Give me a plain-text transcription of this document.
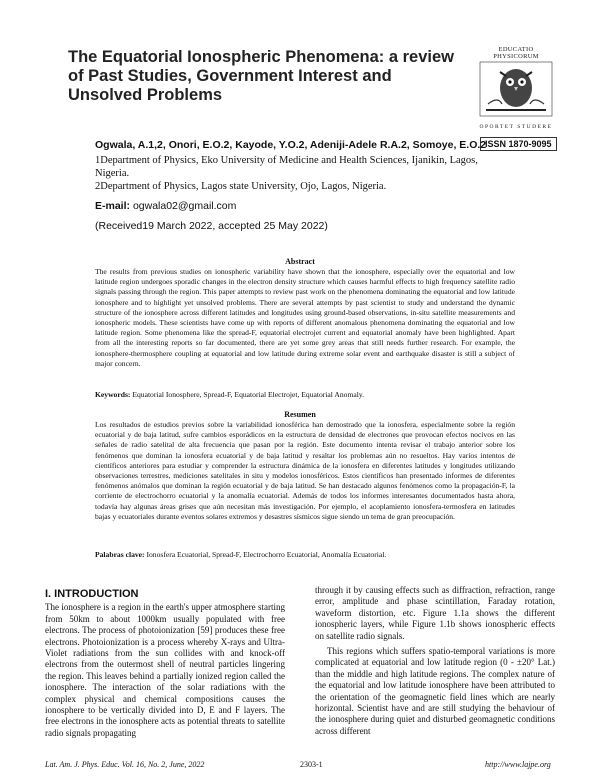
The Equatorial Ionospheric Phenomena: a review of Past Studies, Government Interest and Unsolved Problems
EDUCATIO PHYSICORUM
OPORTET STUDERE
ISSN 1870-9095
Ogwala, A.1,2, Onori, E.O.2, Kayode, Y.O.2, Adeniji-Adele R.A.2, Somoye, E.O.2
1Department of Physics, Eko University of Medicine and Health Sciences, Ijanikin, Lagos, Nigeria.
2Department of Physics, Lagos state University, Ojo, Lagos, Nigeria.
E-mail: ogwala02@gmail.com
(Received19 March 2022, accepted 25 May 2022)
Abstract

The results from previous studies on ionospheric variability have shown that the ionosphere, especially over the equatorial and low latitude region undergoes sporadic changes in the electron density structure which causes harmful effects to high frequency satellite radio signals passing through the region. This paper attempts to review past work on the phenomena dominating the equatorial and low latitude ionosphere and to highlight yet unsolved problems. There are several attempts by past scientist to study and understand the dynamic structure of the ionosphere across different latitudes and longitudes using ground-based observations, in-situ satellite measurements and ionospheric models. These scientists have come up with reports of different anomalous phenomena dominating the equatorial and low latitude region. Some phenomena like the spread-F, equatorial electrojet current and equatorial anomaly have been highlighted. Apart from all the interesting reports so far documented, there are yet some grey areas that still needs further research. For example, the ionosphere-thermosphere coupling at equatorial and low latitude during extreme solar event and earthquake disaster is still a subject of major concern.

Keywords: Equatorial Ionosphere, Spread-F, Equatorial Electrojet, Equatorial Anomaly.
Resumen

Los resultados de estudios previos sobre la variabilidad ionosférica han demostrado que la ionosfera, especialmente sobre la región ecuatorial y de baja latitud, sufre cambios esporádicos en la estructura de densidad de electrones que provocan efectos nocivos en las señales de radio satelital de alta frecuencia que pasan por la región. Este documento intenta revisar el trabajo anterior sobre los fenómenos que dominan la ionosfera ecuatorial y de baja latitud y resaltar los problemas aún no resueltos. Hay varios intentos de científicos anteriores para estudiar y comprender la estructura dinámica de la ionosfera en diferentes latitudes y longitudes utilizando observaciones terrestres, mediciones satelitales in situ y modelos ionosféricos. Estos científicos han presentado informes de diferentes fenómenos anómalos que dominan la región ecuatorial y de baja latitud. Se han destacado algunos fenómenos como la propagación-F, la corriente de electrochorro ecuatorial y la anomalía ecuatorial. Además de todos los informes interesantes documentados hasta ahora, todavía hay algunas áreas grises que aún necesitan más investigación. Por ejemplo, el acoplamiento ionosfera-termosfera en latitudes bajas y ecuatoriales durante eventos solares extremos y desastres sísmicos sigue siendo un tema de gran preocupación.

Palabras clave: Ionosfera Ecuatorial, Spread-F, Electrochorro Ecuatorial, Anomalía Ecuatorial.
I. INTRODUCTION

The ionosphere is a region in the earth's upper atmosphere starting from 50km to about 1000km usually populated with free electrons. The process of photoionization [59] produces these free electrons. Photoionization is a process whereby X-rays and Ultra-Violet radiations from the sun collides with and knock-off electrons from the outermost shell of neutral particles lingering the region. This leaves behind a partially ionized region called the ionosphere. The interaction of the solar radiations with the complex physical and chemical compositions causes the ionosphere to be vertically divided into D, E and F layers. The free electrons in the ionosphere acts as potential threats to satellite radio signals propagating

through it by causing effects such as diffraction, refraction, range error, amplitude and phase scintillation, Faraday rotation, waveform distortion, etc. Figure 1.1a shows the different ionospheric layers, while Figure 1.1b shows ionospheric effects on satellite radio signals.

This regions which suffers spatio-temporal variations is more complicated at equatorial and low latitude region (0 - ±20° Lat.) than the middle and high latitude regions. The complex nature of the equatorial and low latitude ionosphere have been attributed to the orientation of the geomagnetic field lines which are nearly horizontal. Scientist have and are still studying the behaviour of the ionosphere during quiet and disturbed geomagnetic conditions across different

Lat. Am. J. Phys. Educ. Vol. 16, No. 2, June, 2022	2303-1	http://www.lajpe.org
